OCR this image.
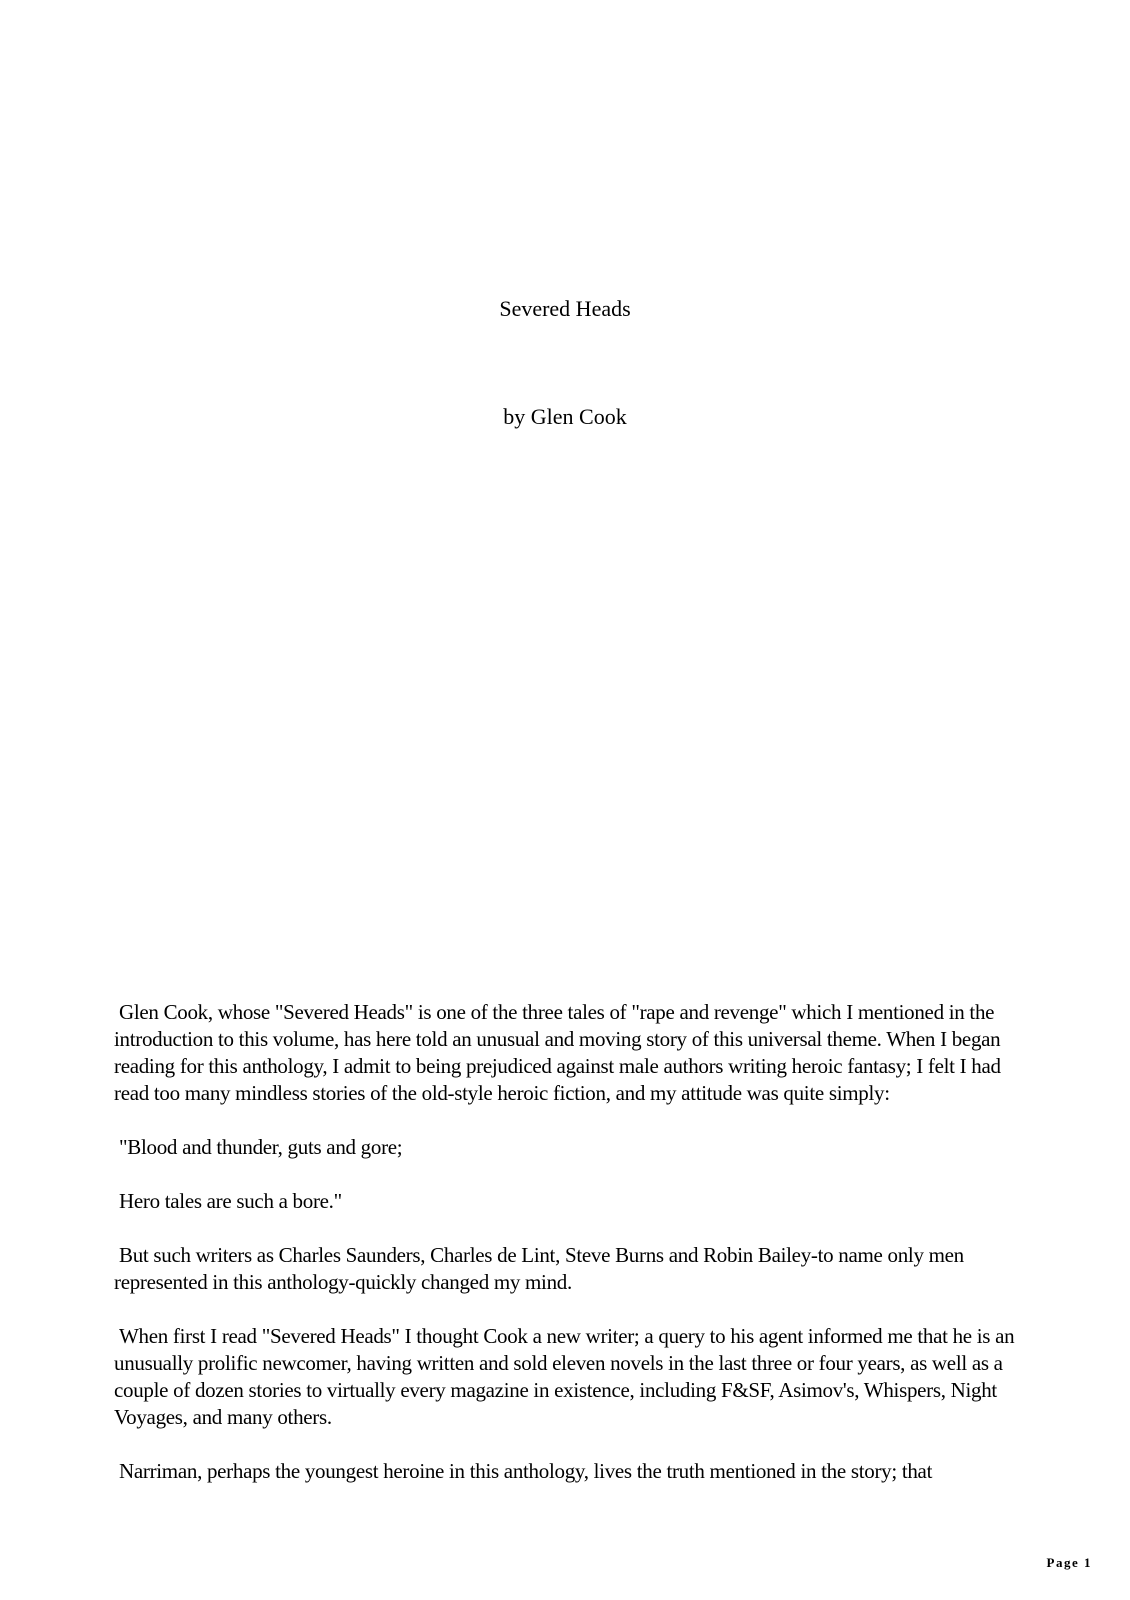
Severed Heads
by Glen Cook

Glen Cook, whose "Severed Heads" is one of the three tales of "rape and revenge" which I mentioned in the introduction to this volume, has here told an unusual and moving story of this universal theme. When I began reading for this anthology, I admit to being prejudiced against male authors writing heroic fantasy; I felt I had read too many mindless stories of the old-style heroic fiction, and my attitude was quite simply:

"Blood and thunder, guts and gore;

Hero tales are such a bore."

But such writers as Charles Saunders, Charles de Lint, Steve Burns and Robin Bailey-to name only men represented in this anthology-quickly changed my mind.

When first I read "Severed Heads" I thought Cook a new writer; a query to his agent informed me that he is an unusually prolific newcomer, having written and sold eleven novels in the last three or four years, as well as a couple of dozen stories to virtually every magazine in existence, including F&SF, Asimov's, Whispers, Night Voyages, and many others.

Narriman, perhaps the youngest heroine in this anthology, lives the truth mentioned in the story; that

Page 1
